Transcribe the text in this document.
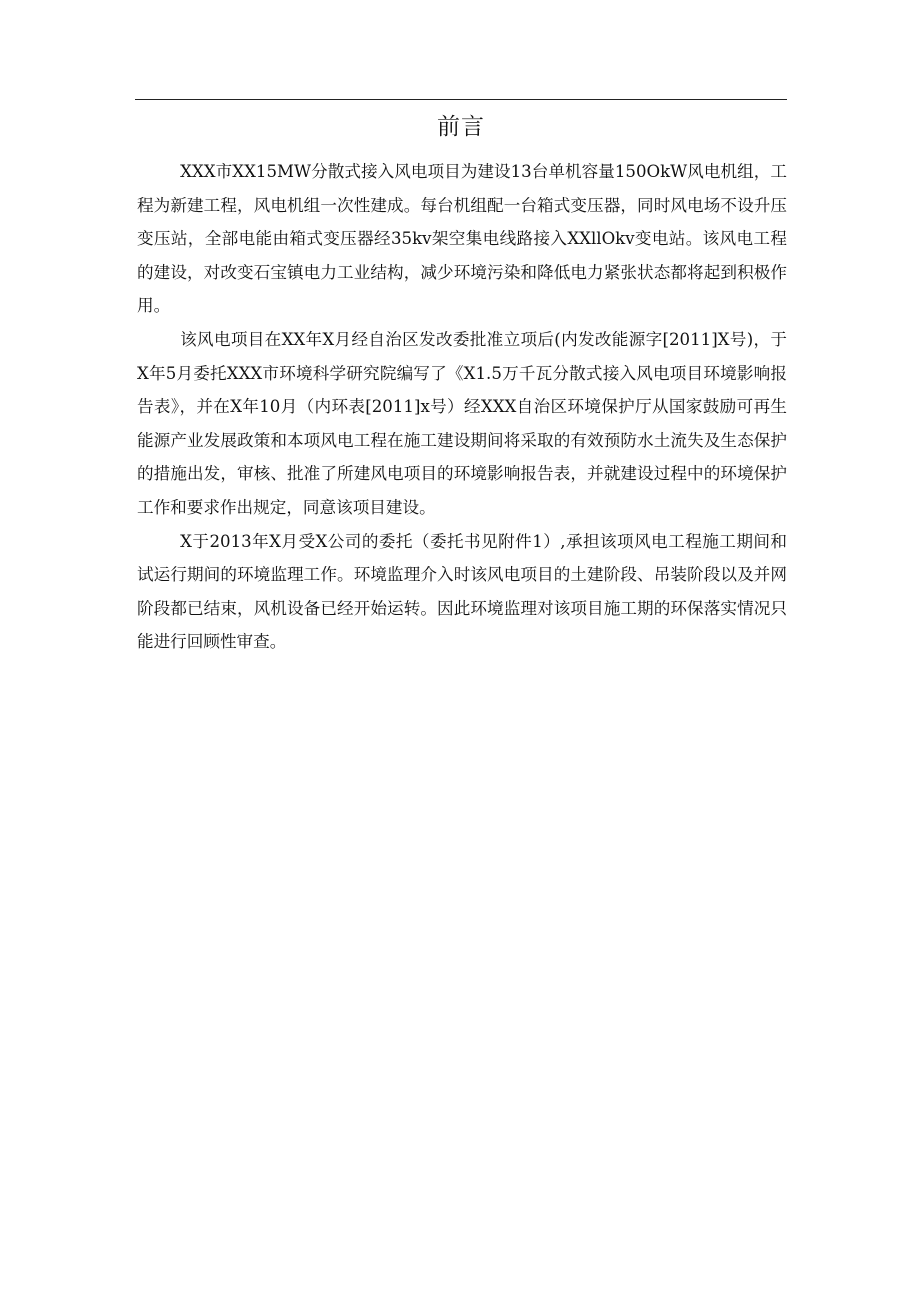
前言

XXX市XX15MW分散式接入风电项目为建设13台单机容量150OkW风电机组，工程为新建工程，风电机组一次性建成。每台机组配一台箱式变压器，同时风电场不设升压变压站，全部电能由箱式变压器经35kv架空集电线路接入XXllOkv变电站。该风电工程的建设，对改变石宝镇电力工业结构，减少环境污染和降低电力紧张状态都将起到积极作用。

该风电项目在XX年X月经自治区发改委批准立项后(内发改能源字[2011]X号)，于X年5月委托XXX市环境科学研究院编写了《X1.5万千瓦分散式接入风电项目环境影响报告表》，并在X年10月（内环表[2011]x号）经XXX自治区环境保护厅从国家鼓励可再生能源产业发展政策和本项风电工程在施工建设期间将采取的有效预防水土流失及生态保护的措施出发，审核、批准了所建风电项目的环境影响报告表，并就建设过程中的环境保护工作和要求作出规定，同意该项目建设。

X于2013年X月受X公司的委托（委托书见附件1）,承担该项风电工程施工期间和试运行期间的环境监理工作。环境监理介入时该风电项目的土建阶段、吊装阶段以及并网阶段都已结束，风机设备已经开始运转。因此环境监理对该项目施工期的环保落实情况只能进行回顾性审查。
